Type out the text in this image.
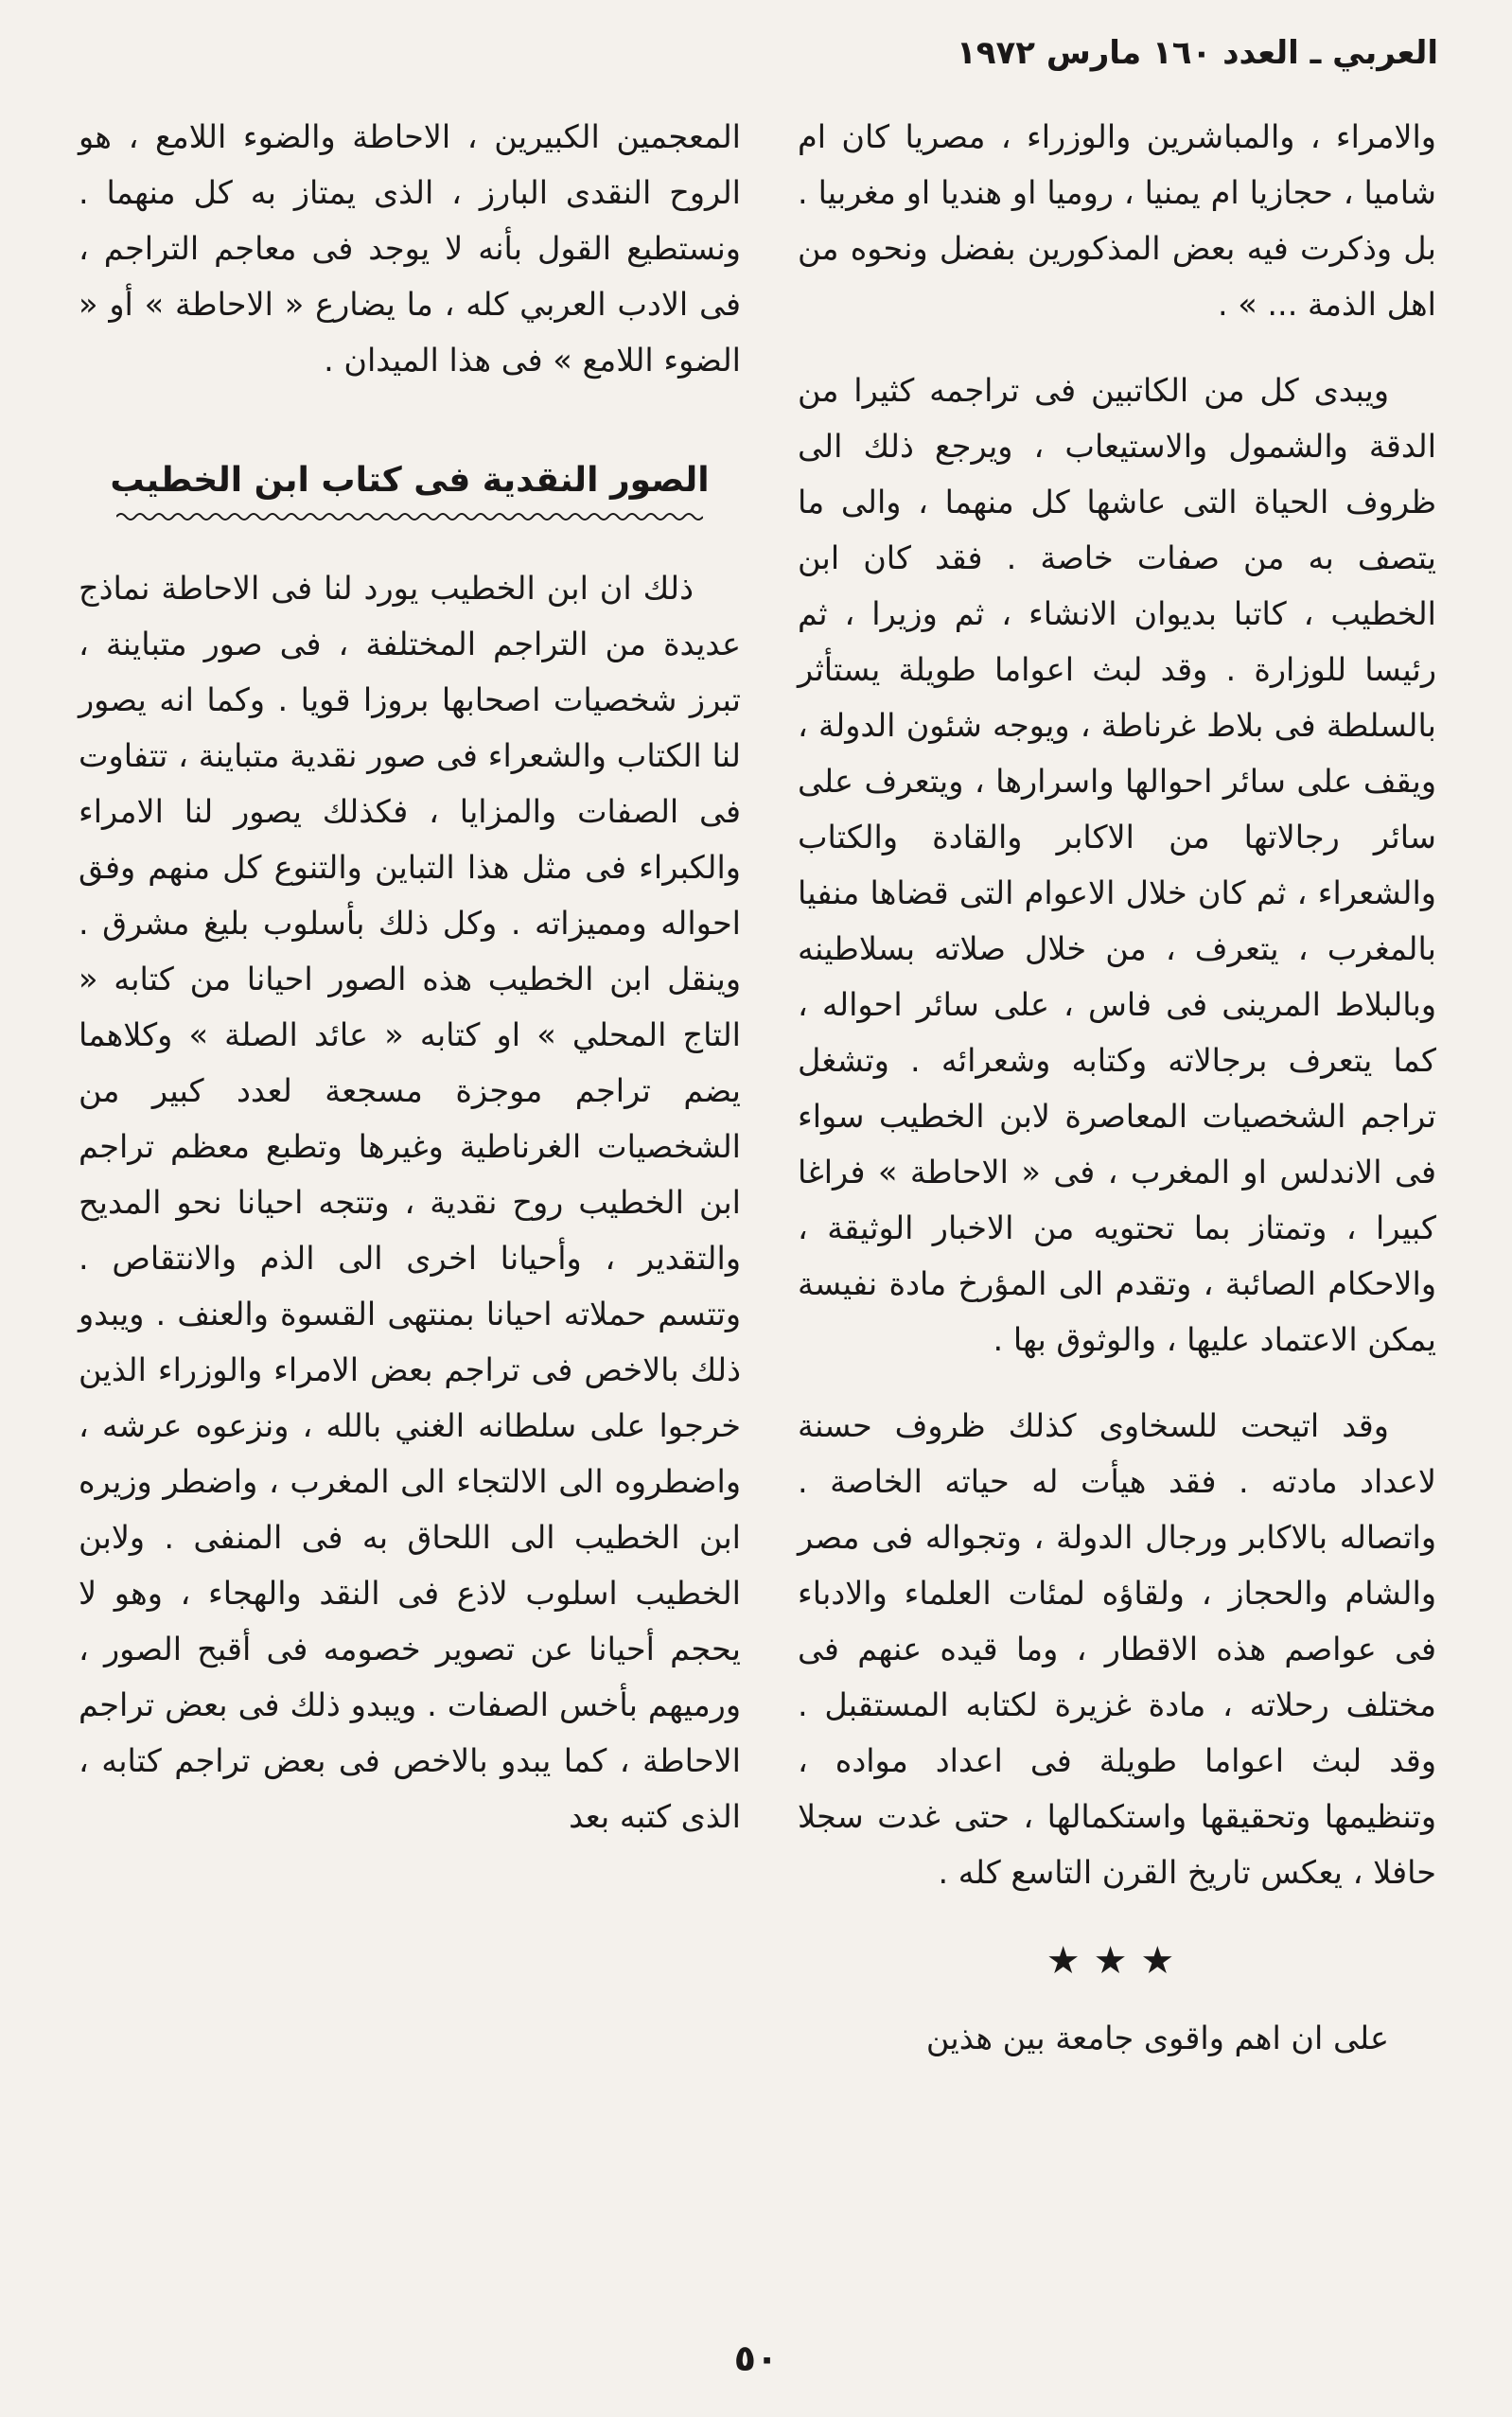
العربي ـ العدد ١٦٠ مارس ١٩٧٢

والامراء ، والمباشرين والوزراء ، مصريا كان ام شاميا ، حجازيا ام يمنيا ، روميا او هنديا او مغربيا . بل وذكرت فيه بعض المذكورين بفضل ونحوه من اهل الذمة ... » .

ويبدى كل من الكاتبين فى تراجمه كثيرا من الدقة والشمول والاستيعاب ، ويرجع ذلك الى ظروف الحياة التى عاشها كل منهما ، والى ما يتصف به من صفات خاصة . فقد كان ابن الخطيب ، كاتبا بديوان الانشاء ، ثم وزيرا ، ثم رئيسا للوزارة . وقد لبث اعواما طويلة يستأثر بالسلطة فى بلاط غرناطة ، ويوجه شئون الدولة ، ويقف على سائر احوالها واسرارها ، ويتعرف على سائر رجالاتها من الاكابر والقادة والكتاب والشعراء ، ثم كان خلال الاعوام التى قضاها منفيا بالمغرب ، يتعرف ، من خلال صلاته بسلاطينه وبالبلاط المرينى فى فاس ، على سائر احواله ، كما يتعرف برجالاته وكتابه وشعرائه . وتشغل تراجم الشخصيات المعاصرة لابن الخطيب سواء فى الاندلس او المغرب ، فى « الاحاطة » فراغا كبيرا ، وتمتاز بما تحتويه من الاخبار الوثيقة ، والاحكام الصائبة ، وتقدم الى المؤرخ مادة نفيسة يمكن الاعتماد عليها ، والوثوق بها .

وقد اتيحت للسخاوى كذلك ظروف حسنة لاعداد مادته . فقد هيأت له حياته الخاصة . واتصاله بالاكابر ورجال الدولة ، وتجواله فى مصر والشام والحجاز ، ولقاؤه لمئات العلماء والادباء فى عواصم هذه الاقطار ، وما قيده عنهم فى مختلف رحلاته ، مادة غزيرة لكتابه المستقبل . وقد لبث اعواما طويلة فى اعداد مواده ، وتنظيمها وتحقيقها واستكمالها ، حتى غدت سجلا حافلا ، يعكس تاريخ القرن التاسع كله .

★★★

على ان اهم واقوى جامعة بين هذين

المعجمين الكبيرين ، الاحاطة والضوء اللامع ، هو الروح النقدى البارز ، الذى يمتاز به كل منهما . ونستطيع القول بأنه لا يوجد فى معاجم التراجم ، فى الادب العربي كله ، ما يضارع « الاحاطة » أو « الضوء اللامع » فى هذا الميدان .

الصور النقدية فى كتاب ابن الخطيب

ذلك ان ابن الخطيب يورد لنا فى الاحاطة نماذج عديدة من التراجم المختلفة ، فى صور متباينة ، تبرز شخصيات اصحابها بروزا قويا . وكما انه يصور لنا الكتاب والشعراء فى صور نقدية متباينة ، تتفاوت فى الصفات والمزايا ، فكذلك يصور لنا الامراء والكبراء فى مثل هذا التباين والتنوع كل منهم وفق احواله ومميزاته . وكل ذلك بأسلوب بليغ مشرق . وينقل ابن الخطيب هذه الصور احيانا من كتابه « التاج المحلي » او كتابه « عائد الصلة » وكلاهما يضم تراجم موجزة مسجعة لعدد كبير من الشخصيات الغرناطية وغيرها وتطبع معظم تراجم ابن الخطيب روح نقدية ، وتتجه احيانا نحو المديح والتقدير ، وأحيانا اخرى الى الذم والانتقاص . وتتسم حملاته احيانا بمنتهى القسوة والعنف . ويبدو ذلك بالاخص فى تراجم بعض الامراء والوزراء الذين خرجوا على سلطانه الغني بالله ، ونزعوه عرشه ، واضطروه الى الالتجاء الى المغرب ، واضطر وزيره ابن الخطيب الى اللحاق به فى المنفى . ولابن الخطيب اسلوب لاذع فى النقد والهجاء ، وهو لا يحجم أحيانا عن تصوير خصومه فى أقبح الصور ، ورميهم بأخس الصفات . ويبدو ذلك فى بعض تراجم الاحاطة ، كما يبدو بالاخص فى بعض تراجم كتابه ، الذى كتبه بعد

٥٠
